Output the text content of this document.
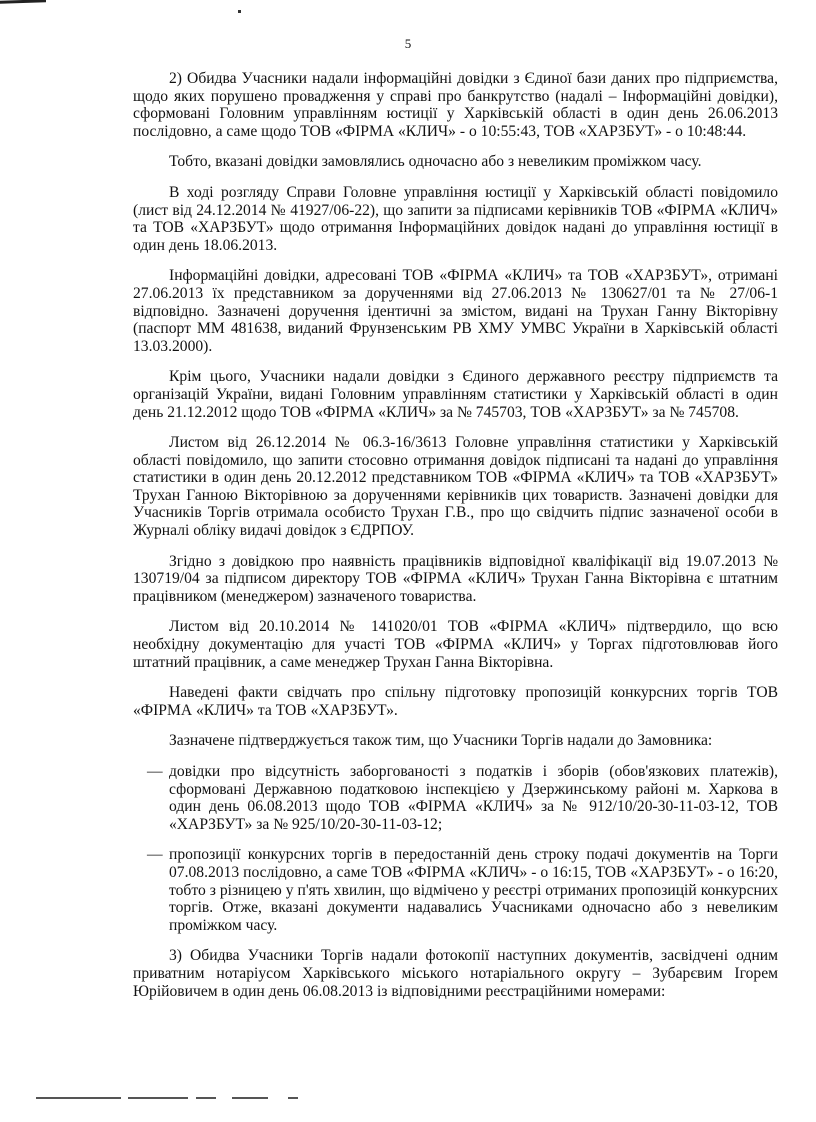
5

2) Обидва Учасники надали інформаційні довідки з Єдиної бази даних про підприємства, щодо яких порушено провадження у справі про банкрутство (надалі – Інформаційні довідки), сформовані Головним управлінням юстиції у Харківській області в один день 26.06.2013 послідовно, а саме щодо ТОВ «ФІРМА «КЛИЧ» - о 10:55:43, ТОВ «ХАРЗБУТ» - о 10:48:44.

Тобто, вказані довідки замовлялись одночасно або з невеликим проміжком часу.

В ході розгляду Справи Головне управління юстиції у Харківській області повідомило (лист від 24.12.2014 № 41927/06-22), що запити за підписами керівників ТОВ «ФІРМА «КЛИЧ» та ТОВ «ХАРЗБУТ» щодо отримання Інформаційних довідок надані до управління юстиції в один день 18.06.2013.

Інформаційні довідки, адресовані ТОВ «ФІРМА «КЛИЧ» та ТОВ «ХАРЗБУТ», отримані 27.06.2013 їх представником за дорученнями від 27.06.2013 № 130627/01 та № 27/06-1 відповідно. Зазначені доручення ідентичні за змістом, видані на Трухан Ганну Вікторівну (паспорт ММ 481638, виданий Фрунзенським РВ ХМУ УМВС України в Харківській області 13.03.2000).

Крім цього, Учасники надали довідки з Єдиного державного реєстру підприємств та організацій України, видані Головним управлінням статистики у Харківській області в один день 21.12.2012 щодо ТОВ «ФІРМА «КЛИЧ» за № 745703, ТОВ «ХАРЗБУТ» за № 745708.

Листом від 26.12.2014 № 06.3-16/3613 Головне управління статистики у Харківській області повідомило, що запити стосовно отримання довідок підписані та надані до управління статистики в один день 20.12.2012 представником ТОВ «ФІРМА «КЛИЧ» та ТОВ «ХАРЗБУТ» Трухан Ганною Вікторівною за дорученнями керівників цих товариств. Зазначені довідки для Учасників Торгів отримала особисто Трухан Г.В., про що свідчить підпис зазначеної особи в Журналі обліку видачі довідок з ЄДРПОУ.

Згідно з довідкою про наявність працівників відповідної кваліфікації від 19.07.2013 № 130719/04 за підписом директору ТОВ «ФІРМА «КЛИЧ» Трухан Ганна Вікторівна є штатним працівником (менеджером) зазначеного товариства.

Листом від 20.10.2014 № 141020/01 ТОВ «ФІРМА «КЛИЧ» підтвердило, що всю необхідну документацію для участі ТОВ «ФІРМА «КЛИЧ» у Торгах підготовлював його штатний працівник, а саме менеджер Трухан Ганна Вікторівна.

Наведені факти свідчать про спільну підготовку пропозицій конкурсних торгів ТОВ «ФІРМА «КЛИЧ» та ТОВ «ХАРЗБУТ».

Зазначене підтверджується також тим, що Учасники Торгів надали до Замовника:

— довідки про відсутність заборгованості з податків і зборів (обов'язкових платежів), сформовані Державною податковою інспекцією у Дзержинському районі м. Харкова в один день 06.08.2013 щодо ТОВ «ФІРМА «КЛИЧ» за № 912/10/20-30-11-03-12, ТОВ «ХАРЗБУТ» за № 925/10/20-30-11-03-12;
— пропозиції конкурсних торгів в передостанній день строку подачі документів на Торги 07.08.2013 послідовно, а саме ТОВ «ФІРМА «КЛИЧ» - о 16:15, ТОВ «ХАРЗБУТ» - о 16:20, тобто з різницею у п'ять хвилин, що відмічено у реєстрі отриманих пропозицій конкурсних торгів. Отже, вказані документи надавались Учасниками одночасно або з невеликим проміжком часу.

3) Обидва Учасники Торгів надали фотокопії наступних документів, засвідчені одним приватним нотаріусом Харківського міського нотаріального округу – Зубарєвим Ігорем Юрійовичем в один день 06.08.2013 із відповідними реєстраційними номерами:
